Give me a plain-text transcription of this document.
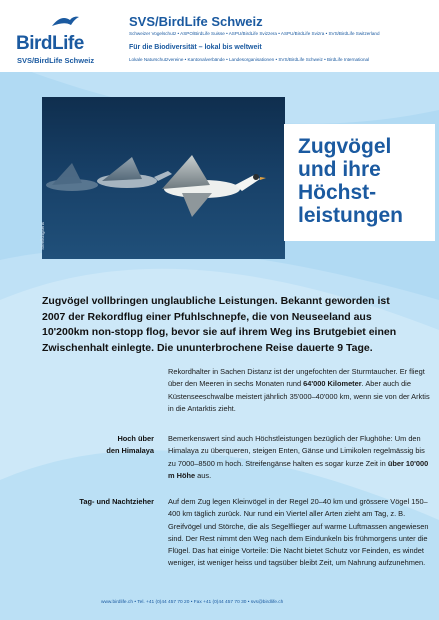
BirdLife
SVS/BirdLife Schweiz
SVS/BirdLife Schweiz
Schweizer Vogelschutz • ASPO/BirdLife Suisse • ASPU/BirdLife Svizzera • ASPU/BirdLife Svizra • SVS/BirdLife Switzerland
Für die Biodiversität – lokal bis weltweit
Lokale Naturschutzvereine • Kantonalverbände • Landesorganisationen • SVS/BirdLife Schweiz • BirdLife International
Steelkingsens
Zugvögel
und ihre
Höchst-
leistungen
Zugvögel vollbringen unglaubliche Leistungen. Bekannt geworden ist 2007 der Rekordflug einer Pfuhlschnepfe, die von Neuseeland aus 10'200km non-stopp flog, bevor sie auf ihrem Weg ins Brutgebiet einen Zwischenhalt einlegte. Die ununterbrochene Reise dauerte 9 Tage.
Rekordhalter in Sachen Distanz ist der ungefochten der Sturmtaucher. Er fliegt über den Meeren in sechs Monaten rund 64'000 Kilometer. Aber auch die Küstenseeschwalbe meistert jährlich 35'000–40'000 km, wenn sie von der Arktis in die Antarktis zieht.
Hoch über
den Himalaya
Bemerkenswert sind auch Höchstleistungen bezüglich der Flughöhe: Um den Himalaya zu überqueren, steigen Enten, Gänse und Limikolen regelmässig bis zu 7000–8500 m hoch. Streifengänse halten es sogar kurze Zeit in über 10'000 m Höhe aus.
Tag- und Nachtzieher Auf dem Zug legen Kleinvögel in der Regel 20–40 km und grössere Vögel 150–400 km täglich zurück. Nur rund ein Viertel aller Arten zieht am Tag, z. B. Greifvögel und Störche, die als Segelflieger auf warme Luftmassen angewiesen sind. Der Rest nimmt den Weg nach dem Eindunkeln bis frühmorgens unter die Flügel. Das hat einige Vorteile: Die Nacht bietet Schutz vor Feinden, es windet weniger, ist weniger heiss und tagsüber bleibt Zeit, um Nahrung aufzunehmen.
www.birdlife.ch • Tel. +41 (0)44 457 70 20 • Fax +41 (0)44 457 70 30 • svs@birdlife.ch
